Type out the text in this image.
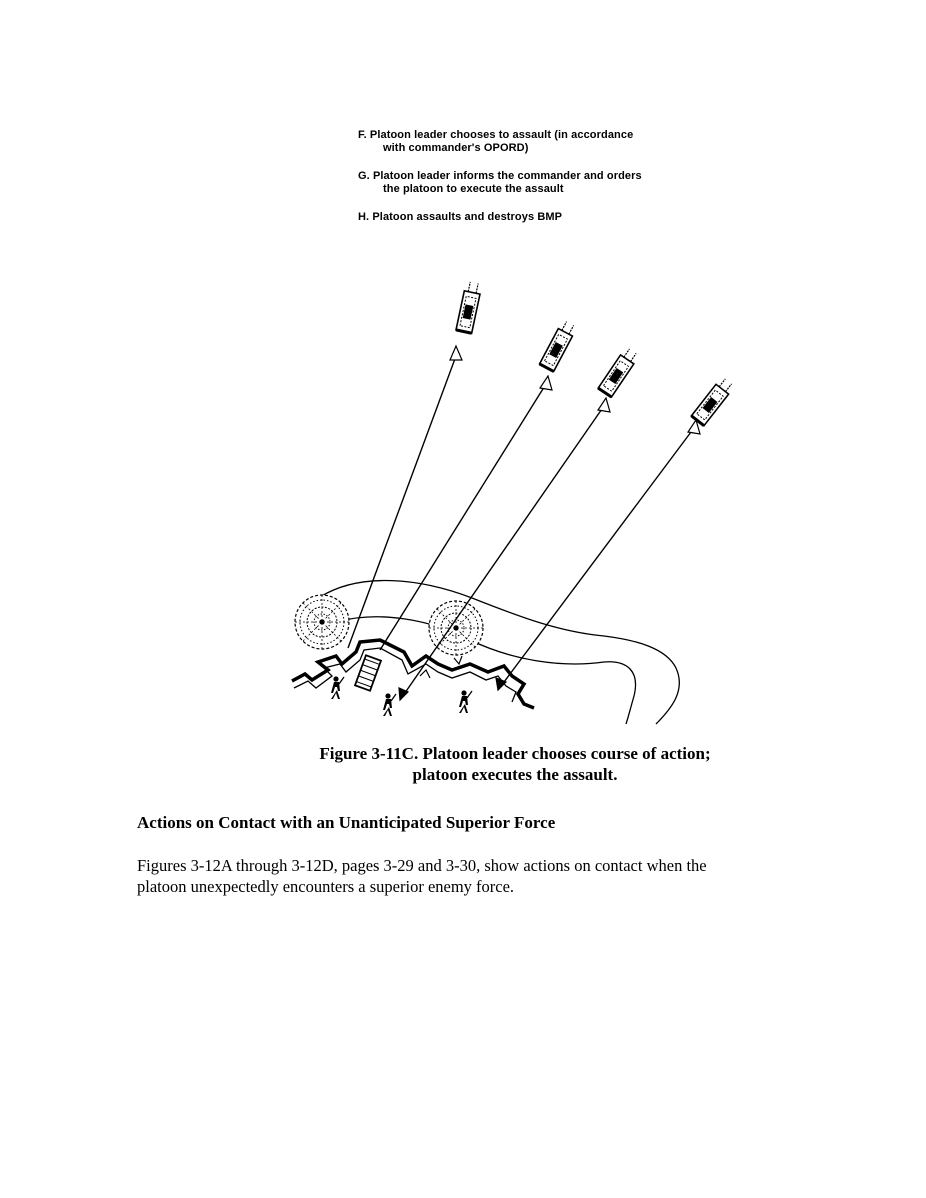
F. Platoon leader chooses to assault (in accordance

with commander's OPORD)

G. Platoon leader informs the commander and orders

the platoon to execute the assault

H. Platoon assaults and destroys BMP

Figure 3-11C. Platoon leader chooses course of action;
platoon executes the assault.
Actions on Contact with an Unanticipated Superior Force
Figures 3-12A through 3-12D, pages 3-29 and 3-30, show actions on contact when the
platoon unexpectedly encounters a superior enemy force.
